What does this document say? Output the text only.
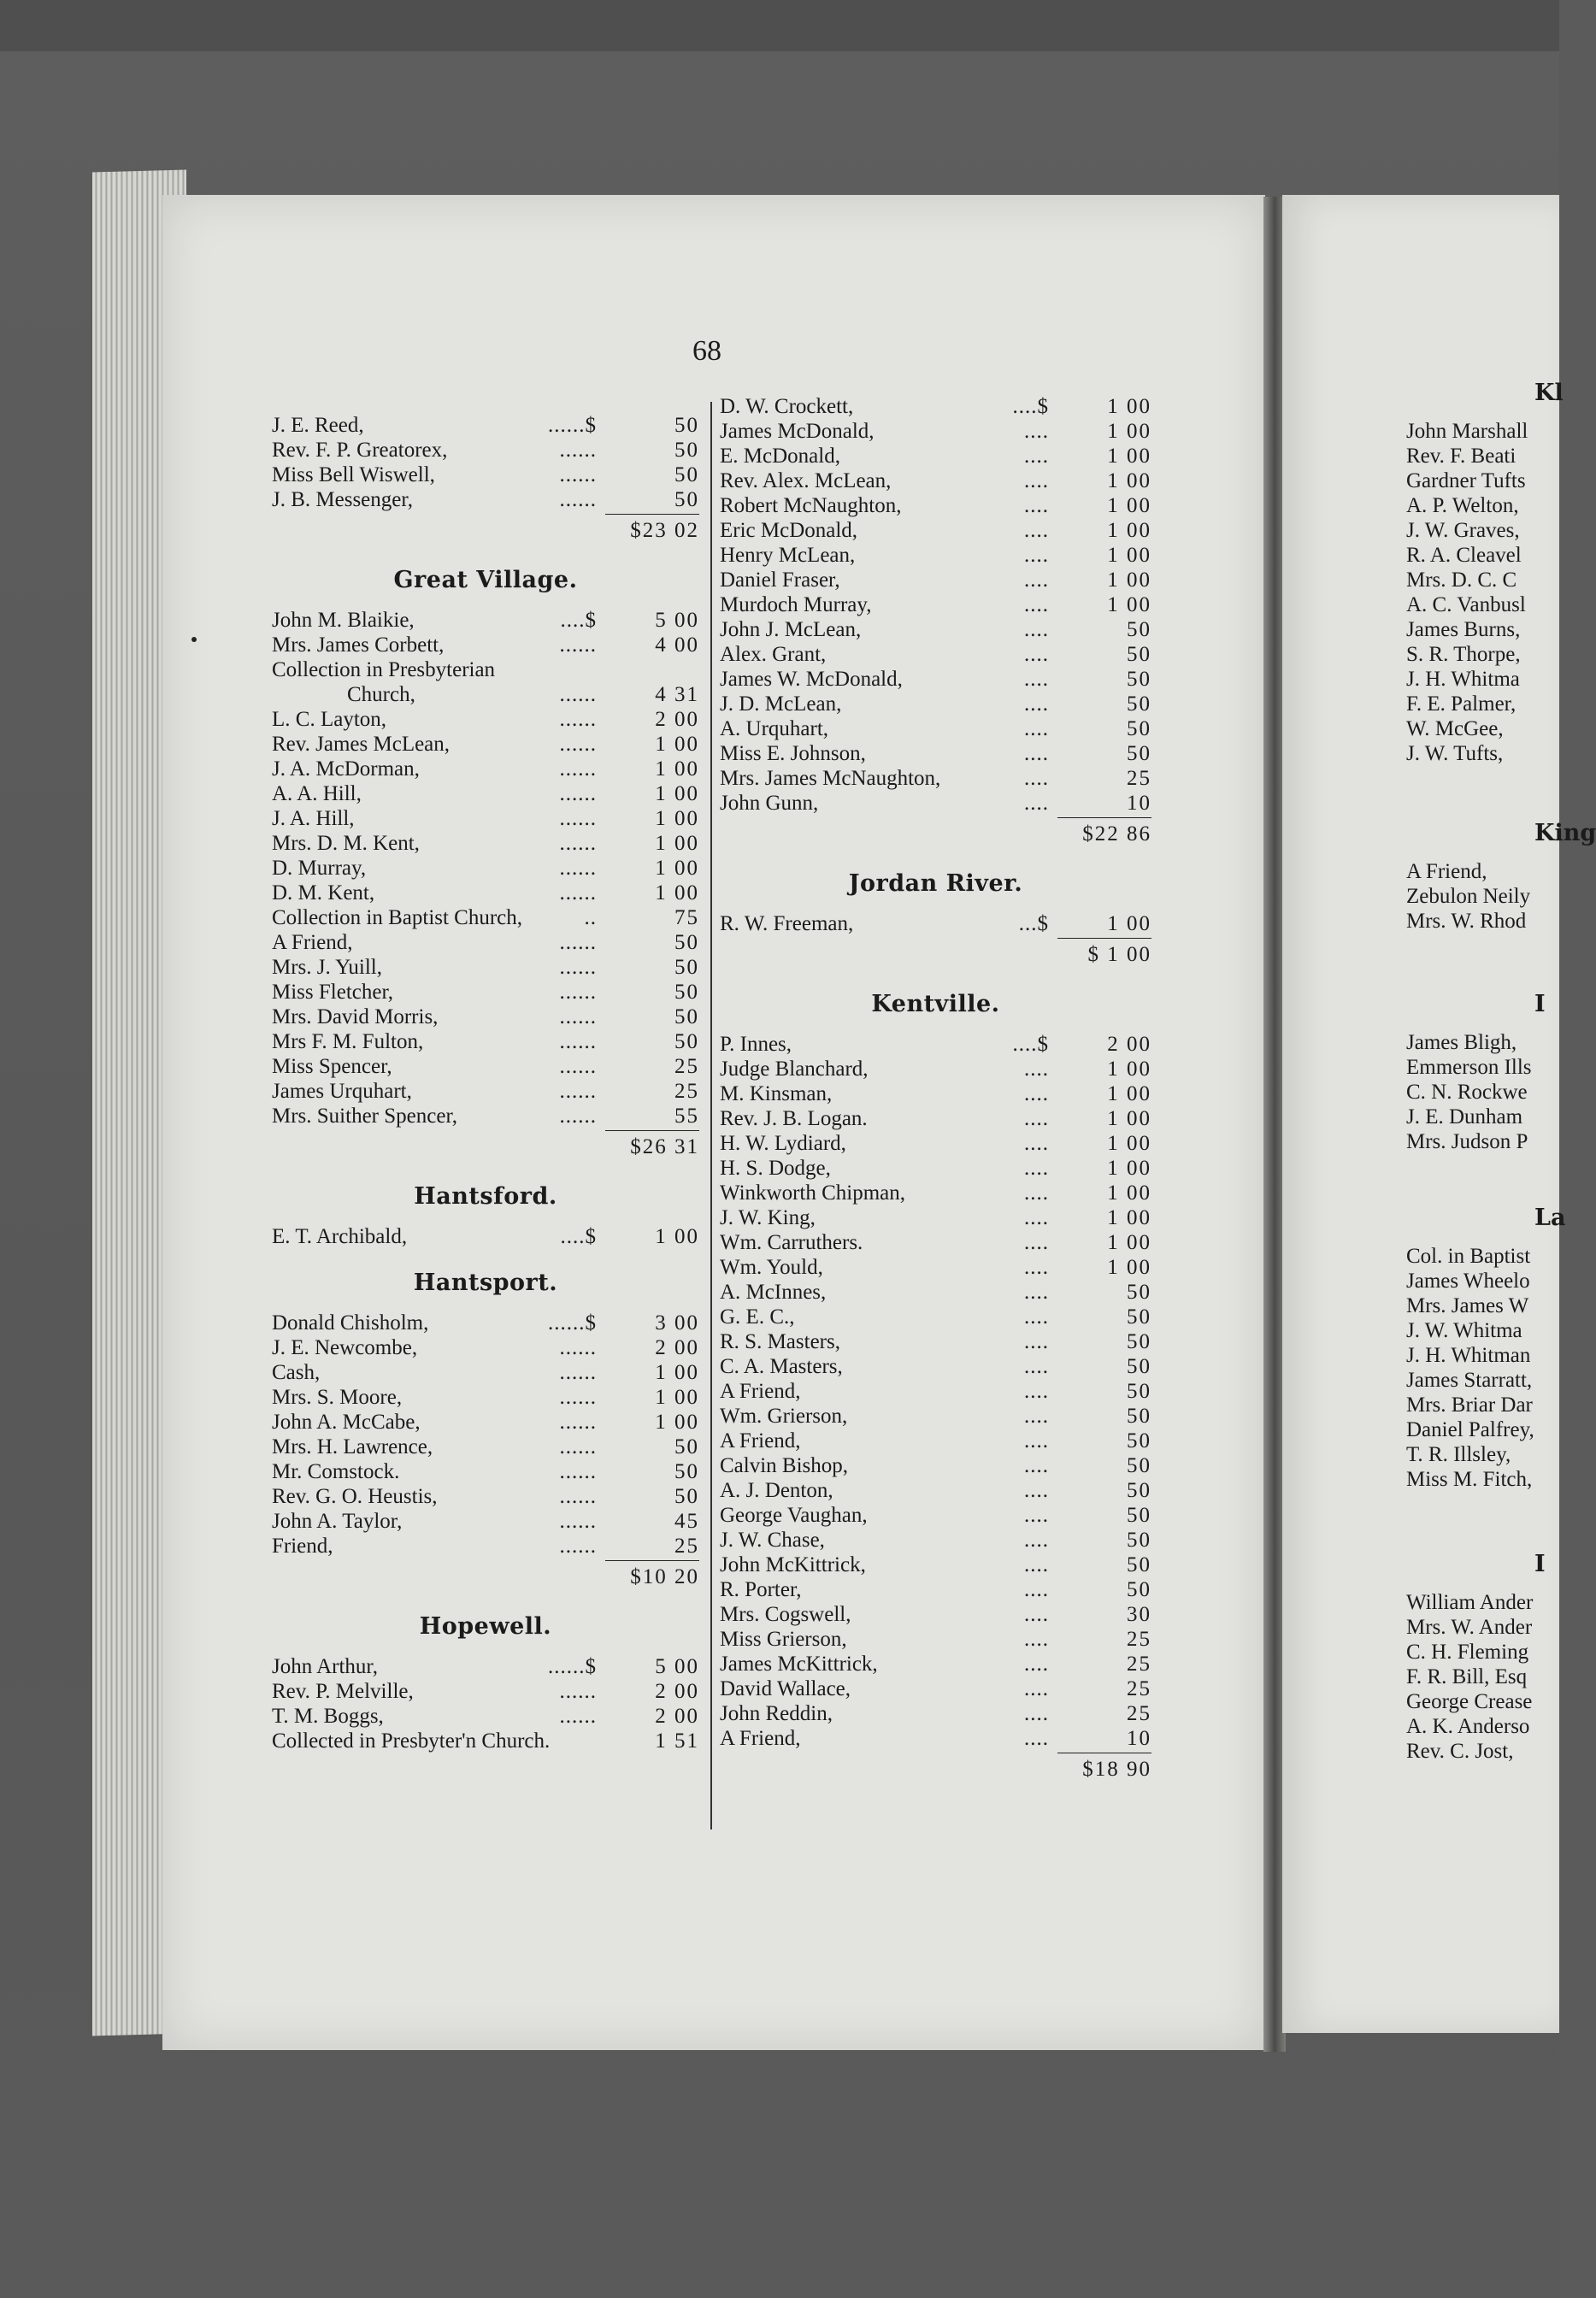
Kl
John Marshall
Rev. F. Beati
Gardner Tufts
A. P. Welton,
J. W. Graves,
R. A. Cleavel
Mrs. D. C. C
A. C. Vanbusl
James Burns,
S. R. Thorpe,
J. H. Whitma
F. E. Palmer,
W. McGee,
J. W. Tufts,
King
A Friend,
Zebulon Neily
Mrs. W. Rhod
I
James Bligh,
Emmerson Ills
C. N. Rockwe
J. E. Dunham
Mrs. Judson P
La
Col. in Baptist
James Wheelo
Mrs. James W
J. W. Whitma
J. H. Whitman
James Starratt,
Mrs. Briar Dar
Daniel Palfrey,
T. R. Illsley,
Miss M. Fitch,
I
William Ander
Mrs. W. Ander
C. H. Fleming
F. R. Bill, Esq
George Crease
A. K. Anderso
Rev. C. Jost,
68
J. E. Reed,	......$	50
Rev. F. P. Greatorex,	......	50
Miss Bell Wiswell,	......	50
J. B. Messenger,	......	50
$23 02
Great Village.
John M. Blaikie,	....$	5 00
Mrs. James Corbett,	......	4 00
Collection in Presbyterian
Church,	......	4 31
L. C. Layton,	......	2 00
Rev. James McLean,	......	1 00
J. A. McDorman,	......	1 00
A. A. Hill,	......	1 00
J. A. Hill,	......	1 00
Mrs. D. M. Kent,	......	1 00
D. Murray,	......	1 00
D. M. Kent,	......	1 00
Collection in Baptist Church,	..	75
A Friend,	......	50
Mrs. J. Yuill,	......	50
Miss Fletcher,	......	50
Mrs. David Morris,	......	50
Mrs F. M. Fulton,	......	50
Miss Spencer,	......	25
James Urquhart,	......	25
Mrs. Suither Spencer,	......	55
$26 31
Hantsford.
E. T. Archibald,	....$	1 00
Hantsport.
Donald Chisholm,	......$	3 00
J. E. Newcombe,	......	2 00
Cash,	......	1 00
Mrs. S. Moore,	......	1 00
John A. McCabe,	......	1 00
Mrs. H. Lawrence,	......	50
Mr. Comstock.	......	50
Rev. G. O. Heustis,	......	50
John A. Taylor,	......	45
Friend,	......	25
$10 20
Hopewell.
John Arthur,	......$	5 00
Rev. P. Melville,	......	2 00
T. M. Boggs,	......	2 00
Collected in Presbyter'n Church.	1 51
D. W. Crockett,	....$	1 00
James McDonald,	....	1 00
E. McDonald,	....	1 00
Rev. Alex. McLean,	....	1 00
Robert McNaughton,	....	1 00
Eric McDonald,	....	1 00
Henry McLean,	....	1 00
Daniel Fraser,	....	1 00
Murdoch Murray,	....	1 00
John J. McLean,	....	50
Alex. Grant,	....	50
James W. McDonald,	....	50
J. D. McLean,	....	50
A. Urquhart,	....	50
Miss E. Johnson,	....	50
Mrs. James McNaughton,	....	25
John Gunn,	....	10
$22 86
Jordan River.
R. W. Freeman,	...$	1 00
$ 1 00
Kentville.
P. Innes,	....$	2 00
Judge Blanchard,	....	1 00
M. Kinsman,	....	1 00
Rev. J. B. Logan.	....	1 00
H. W. Lydiard,	....	1 00
H. S. Dodge,	....	1 00
Winkworth Chipman,	....	1 00
J. W. King,	....	1 00
Wm. Carruthers.	....	1 00
Wm. Yould,	....	1 00
A. McInnes,	....	50
G. E. C.,	....	50
R. S. Masters,	....	50
C. A. Masters,	....	50
A Friend,	....	50
Wm. Grierson,	....	50
A Friend,	....	50
Calvin Bishop,	....	50
A. J. Denton,	....	50
George Vaughan,	....	50
J. W. Chase,	....	50
John McKittrick,	....	50
R. Porter,	....	50
Mrs. Cogswell,	....	30
Miss Grierson,	....	25
James McKittrick,	....	25
David Wallace,	....	25
John Reddin,	....	25
A Friend,	....	10
$18 90
